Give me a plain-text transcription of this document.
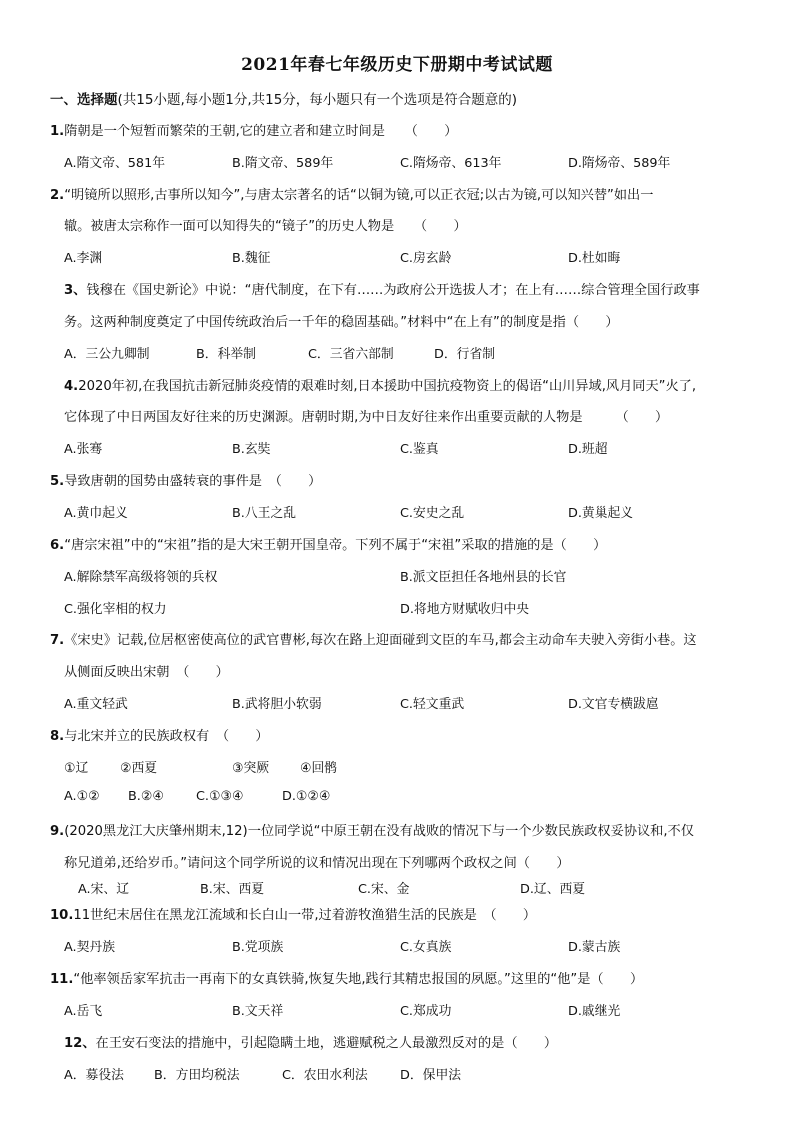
2021年春七年级历史下册期中考试试题
一、选择题(共15小题,每小题1分,共15分，每小题只有一个选项是符合题意的)
1.隋朝是一个短暂而繁荣的王朝,它的建立者和建立时间是　　（　　）
A.隋文帝、581年	B.隋文帝、589年	C.隋炀帝、613年	D.隋炀帝、589年
2.“明镜所以照形,古事所以知今”,与唐太宗著名的话“以铜为镜,可以正衣冠;以古为镜,可以知兴替”如出一
辙。被唐太宗称作一面可以知得失的“镜子”的历史人物是　　（　　）
A.李渊	B.魏征	C.房玄龄	D.杜如晦
3、钱穆在《国史新论》中说：“唐代制度，在下有……为政府公开选拔人才；在上有……综合管理全国行政事
务。这两种制度奠定了中国传统政治后一千年的稳固基础。”材料中“在上有”的制度是指（　　）
A．三公九卿制	B．科举制	C．三省六部制	D．行省制
4.2020年初,在我国抗击新冠肺炎疫情的艰难时刻,日本援助中国抗疫物资上的偈语“山川异域,风月同天”火了,
它体现了中日两国友好往来的历史渊源。唐朝时期,为中日友好往来作出重要贡献的人物是　　　（　　）
A.张骞	B.玄奘	C.鉴真	D.班超
5.导致唐朝的国势由盛转衰的事件是　（　　）
A.黄巾起义	B.八王之乱	C.安史之乱	D.黄巢起义
6.“唐宗宋祖”中的“宋祖”指的是大宋王朝开国皇帝。下列不属于“宋祖”采取的措施的是（　　）
A.解除禁军高级将领的兵权	B.派文臣担任各地州县的长官
C.强化宰相的权力	D.将地方财赋收归中央
7.《宋史》记载,位居枢密使高位的武官曹彬,每次在路上迎面碰到文臣的车马,都会主动命车夫驶入旁街小巷。这
从侧面反映出宋朝　（　　）
A.重文轻武	B.武将胆小软弱	C.轻文重武	D.文官专横跋扈
8.与北宋并立的民族政权有　（　　）
①辽 ②西夏	③突厥 ④回鹘
A.①② B.②④	C.①③④	D.①②④
9.(2020黑龙江大庆肇州期末,12)一位同学说“中原王朝在没有战败的情况下与一个少数民族政权妥协议和,不仅
称兄道弟,还给岁币。”请问这个同学所说的议和情况出现在下列哪两个政权之间（　　）
A.宋、辽	B.宋、西夏	C.宋、金	D.辽、西夏
10.11世纪末居住在黑龙江流域和长白山一带,过着游牧渔猎生活的民族是　（　　）
A.契丹族	B.党项族	C.女真族	D.蒙古族
11.“他率领岳家军抗击一再南下的女真铁骑,恢复失地,践行其精忠报国的夙愿。”这里的“他”是（　　）
A.岳飞	B.文天祥	C.郑成功	D.戚继光
12、在王安石变法的措施中，引起隐瞒土地，逃避赋税之人最激烈反对的是（　　）
A．募役法 B．方田均税法	C．农田水利法	D．保甲法
